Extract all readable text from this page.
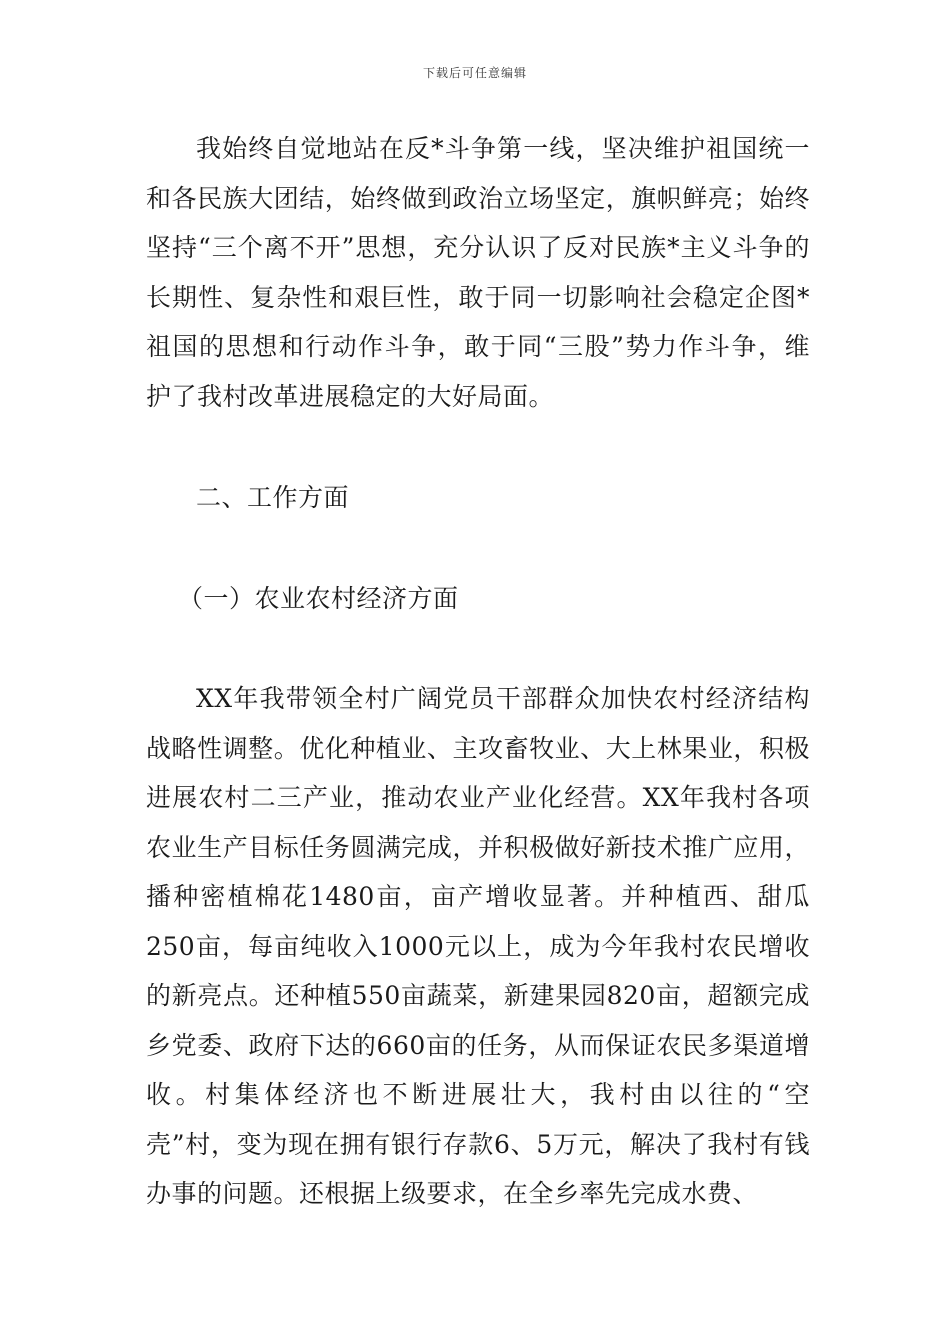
下载后可任意编辑

我始终自觉地站在反*斗争第一线，坚决维护祖国统一和各民族大团结，始终做到政治立场坚定，旗帜鲜亮；始终坚持“三个离不开”思想，充分认识了反对民族*主义斗争的长期性、复杂性和艰巨性，敢于同一切影响社会稳定企图*祖国的思想和行动作斗争，敢于同“三股”势力作斗争，维护了我村改革进展稳定的大好局面。

二、工作方面

（一）农业农村经济方面

XX年我带领全村广阔党员干部群众加快农村经济结构战略性调整。优化种植业、主攻畜牧业、大上林果业，积极进展农村二三产业，推动农业产业化经营。XX年我村各项农业生产目标任务圆满完成，并积极做好新技术推广应用，播种密植棉花1480亩，亩产增收显著。并种植西、甜瓜250亩，每亩纯收入1000元以上，成为今年我村农民增收的新亮点。还种植550亩蔬菜，新建果园820亩，超额完成乡党委、政府下达的660亩的任务，从而保证农民多渠道增收。村集体经济也不断进展壮大，我村由以往的“空壳”村，变为现在拥有银行存款6、5万元，解决了我村有钱办事的问题。还根据上级要求，在全乡率先完成水费、
